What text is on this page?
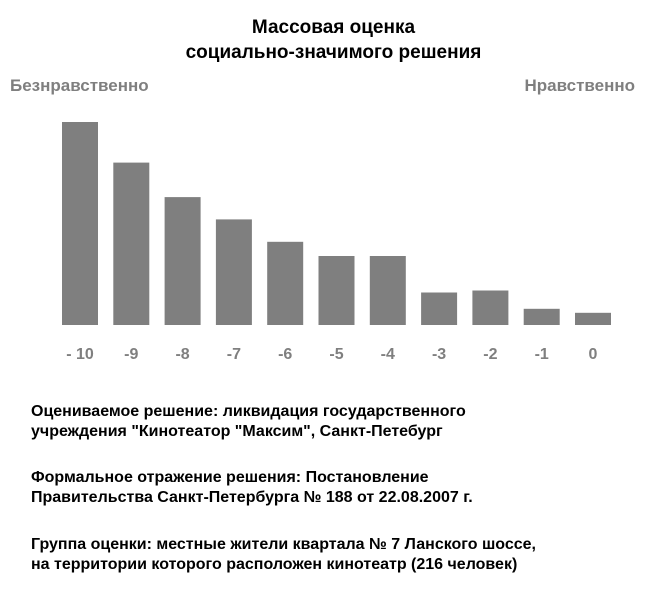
Массовая оценка
социально-значимого решения
Безнравственно	Нравственно
- 10 -9 -8 -7 -6 -5 -4 -3 -2 -1 0
Оцениваемое решение: ликвидация государственного
учреждения "Кинотеатор "Максим", Санкт-Петебург
Формальное отражение решения: Постановление
Правительства Санкт-Петербурга № 188 от 22.08.2007 г.
Группа оценки: местные жители квартала № 7 Ланского шоссе,
на территории которого расположен кинотеатр (216 человек)
